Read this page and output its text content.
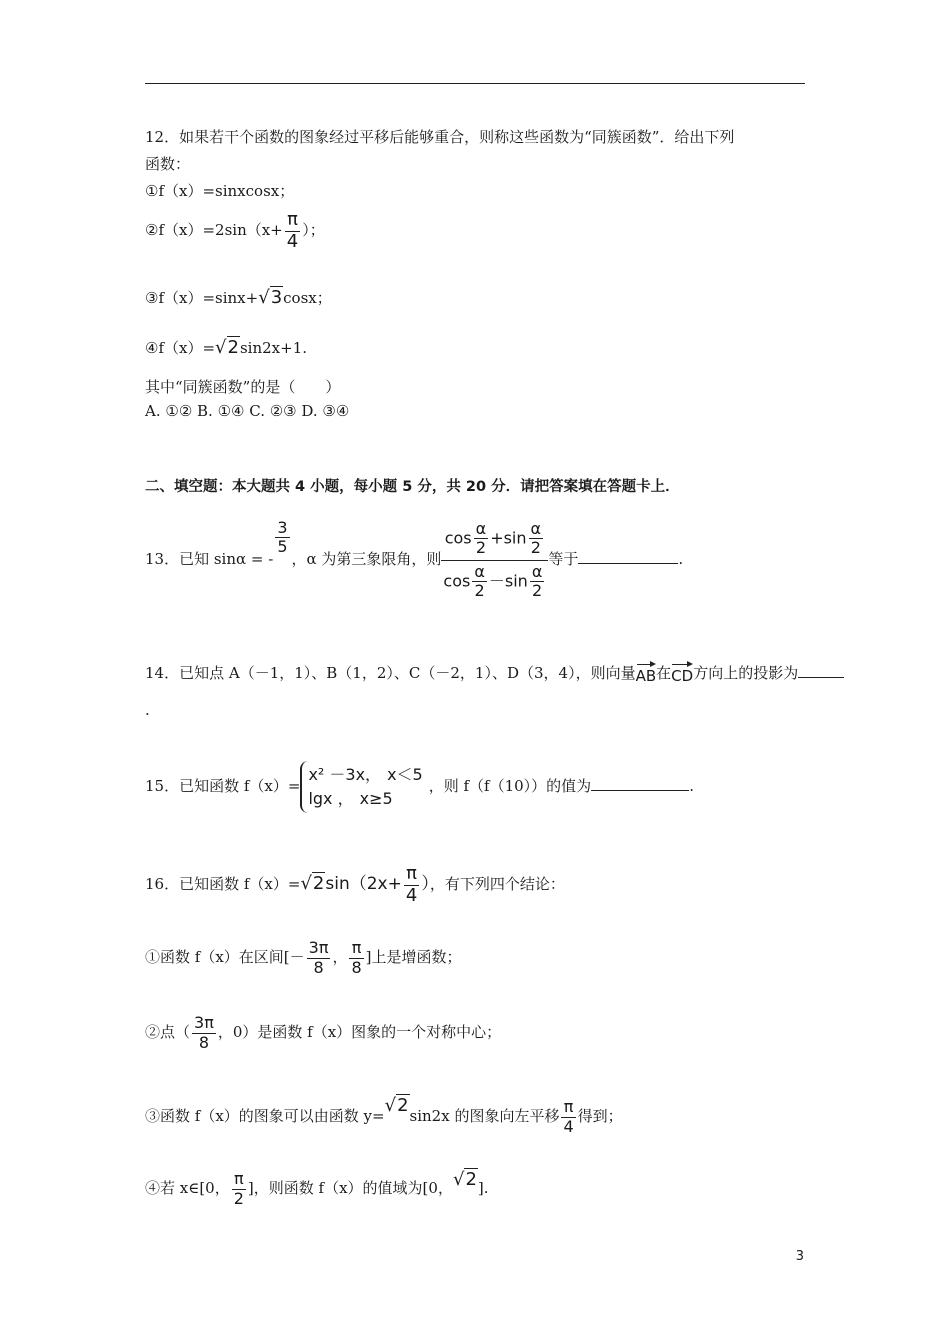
12．如果若干个函数的图象经过平移后能够重合，则称这些函数为“同簇函数”．给出下列
函数：
①f（x）=sinxcosx；
②f（x）=2sin（x+ $\frac{\pi}{4}$ ）；
③f（x）=sinx+√3cosx；
④f（x）=√2sin2x+1.
其中“同簇函数”的是（　　）
A. ①② B. ①④ C. ②③ D. ③④
二、填空题：本大题共 4 小题，每小题 5 分，共 20 分．请把答案填在答题卡上．
13．已知 sinα = -
$\frac{3}{5}$
，α 为第三象限角，则 $\frac{\cos \frac{\alpha}{2} +\sin \frac{\alpha}{2}}{\cos \frac{\alpha}{2} -\sin \frac{\alpha}{2}}$ 等于	.
14．已知点 A（－1，1）、B（1，2）、C（－2，1）、D（3，4），则向量AB在CD方向上的投影为
.
15．已知函数 f（x）=
x² －3x， x＜5
lgx ， x≥5
，则 f（f（10））的值为	.
16．已知函数 $f(x)=√2\sin(2x+ \frac{\pi}{4}$ ），有下列四个结论：
①函数 f（x）在区间[－ $\frac{3\pi}{8}$ ， $\frac{\pi}{8}$ ]上是增函数；
②点（ $\frac{3\pi}{8}$ ，0）是函数 f（x）图象的一个对称中心；
③函数 f（x）的图象可以由函数 y=√2sin2x 的图象向左平移 $\frac{\pi}{4}$ 得到；
④若 x∈[0， $\frac{\pi}{2}$ ]，则函数 f（x）的值域为[0，√2].
3
